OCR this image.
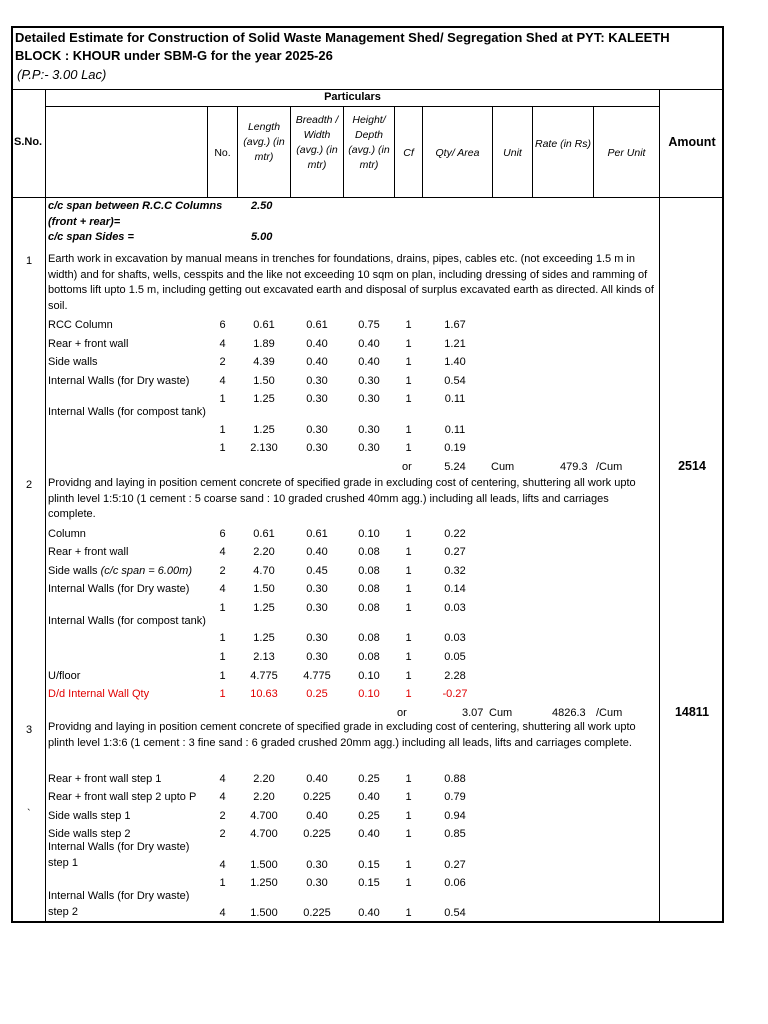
Detailed Estimate for Construction of Solid Waste Management Shed/ Segregation Shed at PYT: KALEETH
BLOCK : KHOUR under SBM-G for the year 2025-26
(P.P:- 3.00 Lac)
Particulars
S.No.
No.
Length (avg.) (in mtr)
Breadth / Width (avg.) (in mtr)
Height/ Depth (avg.) (in mtr)
Cf	Qty/ Area	Unit
Rate (in Rs)
Per Unit
Amount
c/c span between R.C.C Columns	2.50
(front + rear)=
c/c span Sides =	5.00
1 Earth work in excavation by manual means in trenches for foundations, drains, pipes, cables etc. (not exceeding 1.5 m in width) and for shafts, wells, cesspits and the like not exceeding 10 sqm on plan, including dressing of sides and ramming of bottoms lift upto 1.5 m, including getting out excavated earth and disposal of surplus excavated earth as directed. All kinds of soil.
RCC Column	6	0.61	0.61	0.75	1	1.67
Rear + front wall	4	1.89	0.40	0.40	1	1.21
Side walls	2	4.39	0.40	0.40	1	1.40
Internal Walls (for Dry waste)	4	1.50	0.30	0.30	1	0.54
1	1.25	0.30	0.30	1	0.11
Internal Walls (for compost tank)
1	1.25	0.30	0.30	1	0.11
1	2.130	0.30	0.30	1	0.19
or	5.24	Cum	479.3 /Cum	2514
2 Providng and laying in position cement concrete of specified grade in excluding cost of centering, shuttering all work upto plinth level 1:5:10 (1 cement : 5 coarse sand : 10 graded crushed 40mm agg.) including all leads, lifts and carriages complete.
Column	6	0.61	0.61	0.10	1	0.22
Rear + front wall	4	2.20	0.40	0.08	1	0.27
Side walls (c/c span = 6.00m)	2	4.70	0.45	0.08	1	0.32
Internal Walls (for Dry waste)	4	1.50	0.30	0.08	1	0.14
1	1.25	0.30	0.08	1	0.03
Internal Walls (for compost tank)
1	1.25	0.30	0.08	1	0.03
1	2.13	0.30	0.08	1	0.05
U/floor	1	4.775	4.775	0.10	1	2.28
D/d Internal Wall Qty	1	10.63	0.25	0.10	1	-0.27
or	3.07 Cum	4826.3 /Cum	14811
3 Providng and laying in position cement concrete of specified grade in excluding cost of centering, shuttering all work upto plinth level 1:3:6 (1 cement : 3 fine sand : 6 graded crushed 20mm agg.) including all leads, lifts and carriages complete.
`
Rear + front wall step 1	4	2.20	0.40	0.25	1	0.88
Rear + front wall step 2 upto P	4	2.20	0.225	0.40	1	0.79
Side walls step 1	2	4.700	0.40	0.25	1	0.94
Side walls step 2	2	4.700	0.225	0.40	1	0.85
Internal Walls (for Dry waste) step 1	4	1.500	0.30	0.15	1	0.27
1	1.250	0.30	0.15	1	0.06
Internal Walls (for Dry waste) step 2	4	1.500	0.225	0.40	1	0.54
